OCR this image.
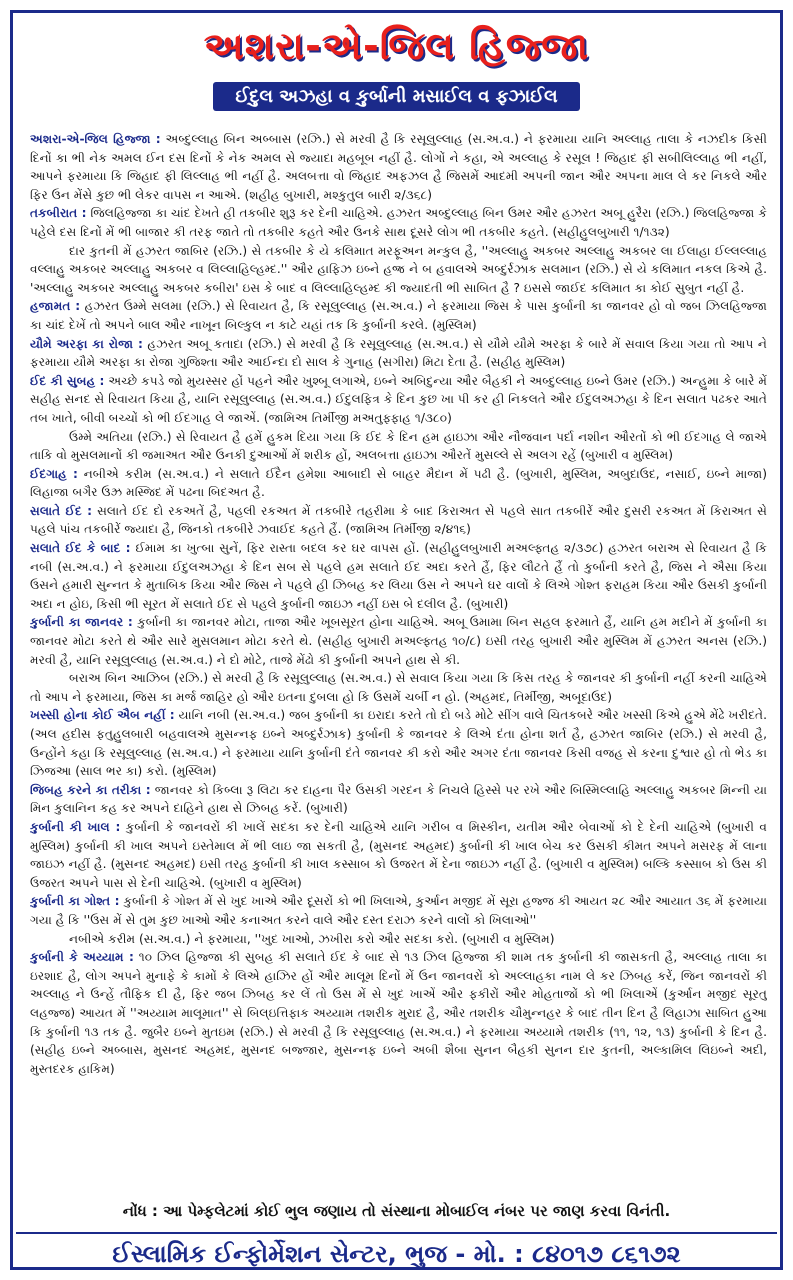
અશરા-એ-જિલ હિજ્જા
ઈદુલ અઝહા વ કુર્બાની મસાઈલ વ ફઝાઈલ

અશરા-એ-જિલ હિજ્જા : અબ્દુલ્લાહ બિન અબ્બાસ (રઝિ.) સે મરવી હૈ કિ રસૂલુલ્લાહ (સ.અ.વ.) ને ફરમાયા યાનિ અલ્લાહ તાલા કે નઝદીક કિસી દિનોં કા ભી નેક અમલ ઈન દસ દિનોં કે નેક અમલ સે જ્યાદા મહબૂબ નહીં હૈ. લોગોં ને કહા, એ અલ્લાહ કે રસૂલ ! જિહાદ ફી સબીલિલ્લાહ ભી નહીં, આપને ફરમાયા કિ જિહાદ ફી લિલ્લાહ ભી નહીં હૈ. અલબત્તા વો જિહાદ અફઝલ હૈ જિસમેં આદમી અપની જાન ઔર અપના માલ લે કર નિકલે ઔર ફિર ઉન મેંસે કુછ ભી લેકર વાપસ ન આએ. (શહીહ બુખારી, મશ્કુતુલ બારી ૨/૩૬૮)

તકબીરાત : જિલહિજ્જા કા ચાંદ દેખતે હી તકબીર શુરૂ કર દેની ચાહિએ. હઝરત અબ્દુલ્લાહ બિન ઉમર ઔર હઝરત અબૂ હુરૈરા (રઝિ.) જિલહિજ્જા કે પહેલે દસ દિનોં મેં ભી બાજાર કી તરફ જાતે તો તકબીર કહતે ઔર ઉનકે સાથ દૂસરે લોગ ભી તકબીર કહતે. (સહીહુલબુખારી ૧/૧૩૨)

દાર કુતની મેં હઝરત જાબિર (રઝિ.) સે તકબીર કે યે કલિમાત મરફૂઅન મન્કુલ હૈ, ''અલ્લાહુ અકબર અલ્લાહુ અકબર લા ઈલાહા ઈલ્લલ્લાહ વલ્લાહુ અકબર અલ્લાહુ અકબર વ લિલ્લાહિલ્હમ્દ.'' ઔર હાફિઝ ઇબ્ને હજ્ર ને બ હવાલએ અબ્દુર્રઝાક સલમાન (રઝિ.) સે યે કલિમાત નકલ કિએ હૈ. 'અલ્લાહુ અકબર અલ્લાહુ અકબર કબીરા' ઇસ કે બાદ વ લિલ્લાહિલ્હમ્દ કી જ્યાદતી ભી સાબિત હૈ ? ઇસસે જાઈદ કલિમાત કા કોઈ સુબુત નહીં હૈ.

હજામત : હઝરત ઉમ્મે સલમા (રઝિ.) સે રિવાયત હૈ, કિ રસૂલુલ્લાહ (સ.અ.વ.) ને ફરમાયા જિસ કે પાસ કુર્બાની કા જાનવર હો વો જબ ઝિલહિજ્જા કા ચાંદ દેખેં તો અપને બાલ ઔર નાખૂન બિલ્કુલ ન કાટે યહાં તક કિ કુર્બાની કરલે. (મુસ્લિમ)

યૌમે અરફા કા રોજા : હઝરત અબૂ કતાદા (રઝિ.) સે મરવી હૈ કિ રસૂલુલ્લાહ (સ.અ.વ.) સે યૌમે યૌમે અરફા કે બારે મેં સવાલ કિયા ગયા તો આપ ને ફરમાયા યૌમે અરફા કા રોજા ગુજિશ્તા ઔર આઈન્દા દો સાલ કે ગુનાહ (સગીરા) મિટા દેતા હૈ. (સહીહ મુસ્લિમ)

ઈદ કી સુબહ : અચ્છે કપડે જો મુયસ્સર હોં પહને ઔર ખુશ્બૂ લગાએ, ઇબ્ને અબિદુન્યા ઔર બૈહકી ને અબ્દુલ્લાહ ઇબ્ને ઉમર (રઝિ.) અન્હુમા કે બારે મેં સહીહ સનદ સે રિવાયત કિયા હૈ, યાનિ રસૂલુલ્લાહ (સ.અ.વ.) ઈદુલફિત્ર કે દિન કુછ ખા પી કર હી નિકલતે ઔર ઈદુલઅઝહા કે દિન સલાત પઢકર આતે તબ ખાતે, બીવી બચ્ચોં કો ભી ઈદગાહ લે જાએં. (જામિઅ તિર્મીજી મઅતુફ્ફાહ ૧/૩૮૦)

ઉમ્મે અતિયા (રઝિ.) સે રિવાયત હૈ હમેં હુકમ દિયા ગયા કિ ઈદ કે દિન હમ હાઇઝા ઔર નૌજવાન પર્દા નશીન ઔરતોં કો ભી ઈદગાહ લે જાએ તાકિ વો મુસલમાનોં કી જમાઅત ઔર ઉનકી દુઆઓં મેં શરીક હોં, અલબત્તા હાઇઝા ઔરતેં મુસલ્લે સે અલગ રહેં (બુખારી વ મુસ્લિમ)

ઈદગાહ : નબીએ કરીમ (સ.અ.વ.) ને સલાતે ઈદૈન હમેશા આબાદી સે બાહર મૈદાન મેં પઢી હૈ. (બુખારી, મુસ્લિમ, અબુદાઉદ, નસાઈ, ઇબ્ને માજા) લિહાજા બગૈર ઉઝ્ર મસ્જિદ મેં પઢના બિદઅત હૈ.

સલાતે ઈદ : સલાતે ઈદ દો રકઅતેં હૈ, પહલી રકઅત મેં તકબીરે તહરીમા કે બાદ કિરાઅત સે પહલે સાત તકબીરેં ઔર દુસરી રકઅત મેં કિરાઅત સે પહલે પાંચ તકબીરેં જ્યાદા હૈ, જિનકો તકબીરે ઝવાઈદ કહતે હૈં. (જામિઅ તિર્મીજી ૨/૪૧૬)

સલાતે ઈદ કે બાદ : ઈમામ કા ખુત્બા સુનેં, ફિર રાસ્તા બદલ કર ઘર વાપસ હોં. (સહીહુલબુખારી મઅલ્ફ્તહ ૨/૩૭૮) હઝરત બરાઅ સે રિવાયત હૈ કિ નબી (સ.અ.વ.) ને ફરમાયા ઈદુલઅઝહા કે દિન સબ સે પહલે હમ સલાતે ઈદ અદા કરતે હૈં, ફિર લૌટતે હૈં તો કુર્બાની કરતે હૈ, જિસ ને ઐસા કિયા ઉસને હમારી સુન્નત કે મુતાબિક કિયા ઔર જિસ ને પહલે હી ઝિબહ કર લિયા ઉસ ને અપને ઘર વાલોં કે લિએ ગોશ્ત ફરાહમ કિયા ઔર ઉસકી કુર્બાની અદા ન હોઇ, કિસી ભી સૂરત મેં સલાતે ઈદ સે પહલે કુર્બાની જાઇઝ નહીં ઇસ બે દલીલ હૈ. (બુખારી)

કુર્બાની કા જાનવર : કુર્બાની કા જાનવર મોટા, તાજા ઔર ખૂબસૂરત હોના ચાહિએ. અબૂ ઉમામા બિન સહલ ફરમાતે હૈં, યાનિ હમ મદીને મેં કુર્બાની કા જાનવર મોટા કરતે થે ઔર સારે મુસલમાન મોટા કરતે થે. (સહીહ બુખારી મઅલ્ફ્તહ ૧૦/૮) ઇસી તરહ બુખારી ઔર મુસ્લિમ મેં હઝરત અનસ (રઝિ.) મરવી હૈ, યાનિ રસૂલુલ્લાહ (સ.અ.વ.) ને દો મોટે, તાજે મેંઢો કી કુર્બાની અપને હાથ સે કી.

બરાઅ બિન આઝિબ (રઝિ.) સે મરવી હૈ કિ રસૂલુલ્લાહ (સ.અ.વ.) સે સવાલ કિયા ગયા કિ કિસ તરહ કે જાનવર કી કુર્બાની નહીં કરની ચાહિએ તો આપ ને ફરમાયા, જિસ કા મર્જ જાહિર હો ઔર ઇતના દુબલા હો કિ ઉસમેં ચર્બી ન હો. (અહમદ, તિર્મીજી, અબૂદાઉદ)

ખસ્સી હોના કોઈ ઐબ નહીં : યાનિ નબી (સ.અ.વ.) જબ કુર્બાની કા ઇરાદા કરતે તો દો બડે મોટે સીંગ વાલે ચિતકબરે ઔર ખસ્સી કિએ હુએ મેંઢે ખરીદતે. (અલ હદીસ ફતુહુલબારી બહવાલએ મુસન્નફ ઇબ્ને અબ્દુર્રઝાક) કુર્બાની કે જાનવર કે લિએ દંતા હોના શર્ત હૈ, હઝરત જાબિર (રઝિ.) સે મરવી હૈ, ઉન્હોંને કહા કિ રસૂલુલ્લાહ (સ.અ.વ.) ને ફરમાયા યાનિ કુર્બાની દંતે જાનવર કી કરો ઔર અગર દંતા જાનવર કિસી વજહ સે કરના દુશ્વાર હો તો ભેડ કા ઝિજઆ (સાલ ભર કા) કરો. (મુસ્લિમ)

જિબહ કરને કા તરીકા : જાનવર કો કિબ્લા રૂ લિટા કર દાહના પૈર ઉસકી ગરદન કે નિચલે હિસ્સે પર રખે ઔર બિસ્મિલ્લાહિ અલ્લાહુ અકબર મિન્ની યા મિન કુલાનિન કહ કર અપને દાહિને હાથ સે ઝિબહ કરેં. (બુખારી)

કુર્બાની કી ખાલ : કુર્બાની કે જાનવરોં કી ખાલેં સદકા કર દેની ચાહિએ યાનિ ગરીબ વ મિસ્કીન, યતીમ ઔર બેવાઓં કો દે દેની ચાહિએ (બુખારી વ મુસ્લિમ) કુર્બાની કી ખાલ અપને ઇસ્તેમાલ મેં ભી લાઇ જા સકતી હૈ, (મુસનદ અહમદ) કુર્બાની કી ખાલ બેચ કર ઉસકી કીમત અપને મસરફ મેં લાના જાઇઝ નહીં હૈ. (મુસનદ અહમદ) ઇસી તરહ કુર્બાની કી ખાલ કસ્સાબ કો ઉજરત મેં દેના જાઇઝ નહીં હૈ. (બુખારી વ મુસ્લિમ) બલ્કિ કસ્સાબ કો ઉસ કી ઉજરત અપને પાસ સે દેની ચાહિએ. (બુખારી વ મુસ્લિમ)

કુર્બાની કા ગોશ્ત : કુર્બાની કે ગોશ્ત મેં સે ખુદ ખાએ ઔર દૂસરોં કો ભી ખિલાએ, કુર્આન મજીદ મેં સૂરા હજ્જ કી આયત ૨૮ ઔર આયાત ૩૬ મેં ફરમાયા ગયા હૈ કિ ''ઉસ મેં સે તુમ કુછ ખાઓ ઔર કનાઅત કરને વાલે ઔર દસ્ત દરાઝ કરને વાલોં કો ખિલાઓ''

નબીએ કરીમ (સ.અ.વ.) ને ફરમાયા, ''ખુદ ખાઓ, ઝખીરા કરો ઔર સદકા કરો. (બુખારી વ મુસ્લિમ)

કુર્બાની કે અય્યામ : ૧૦ ઝિલ હિજ્જા કી સુબહ કી સલાતે ઈદ કે બાદ સે ૧૩ ઝિલ હિજ્જા કી શામ તક કુર્બાની કી જાસકતી હૈ, અલ્લાહ તાલા કા ઇરશાદ હૈ, લોગ અપને મુનાફે કે કામોં કે લિએ હાઝિર હોં ઔર માલૂમ દિનોં મેં ઉન જાનવરોં કો અલ્લાહકા નામ લે કર ઝિબહ કરેં, જિન જાનવરોં કી અલ્લાહ ને ઉન્હેં તૌફિક દી હૈ, ફિર જબ ઝિબહ કર લેં તો ઉસ મેં સે ખુદ ખાએં ઔર ફકીરોં ઔર મોહતાજોં કો ભી ખિલાએં (કુર્આન મજીદ સૂરતુ લહજ્જ) આયત મેં ''અય્યામ માલૂમાત'' સે બિલ્ઇત્તિફાક અય્યામ તશરીક મુરાદ હૈ, ઔર તશરીક ચૌમુન્નહર કે બાદ તીન દિન હૈ લિહાઝા સાબિત હુઆ કિ કુર્બાની ૧૩ તક હૈ. જુબૈર ઇબ્ને મુતઇમ (રઝિ.) સે મરવી હૈ કિ રસૂલુલ્લાહ (સ.અ.વ.) ને ફરમાયા અય્યામે તશરીક (૧૧, ૧૨, ૧૩) કુર્બાની કે દિન હૈ. (સહીહ ઇબ્ને અબ્બાસ, મુસનદ અહમદ, મુસનદ બજ્જાર, મુસન્નફ ઇબ્ને અબી શૈબા સુનન બૈહકી સુનન દાર કુતની, અલ્કામિલ લિઇબ્ને અદી, મુસ્તદરક હાકિમ)

નોંધ : આ પેમ્ફલેટમાં કોઈ ભુલ જણાય તો સંસ્થાના મોબાઈલ નંબર પર જાણ કરવા વિનંતી.
ઈસ્લામિક ઈન્ફોર્મેશન સેન્ટર, ભુજ - મો. : ૮૪૦૧૭ ૮૬૧૭૨
